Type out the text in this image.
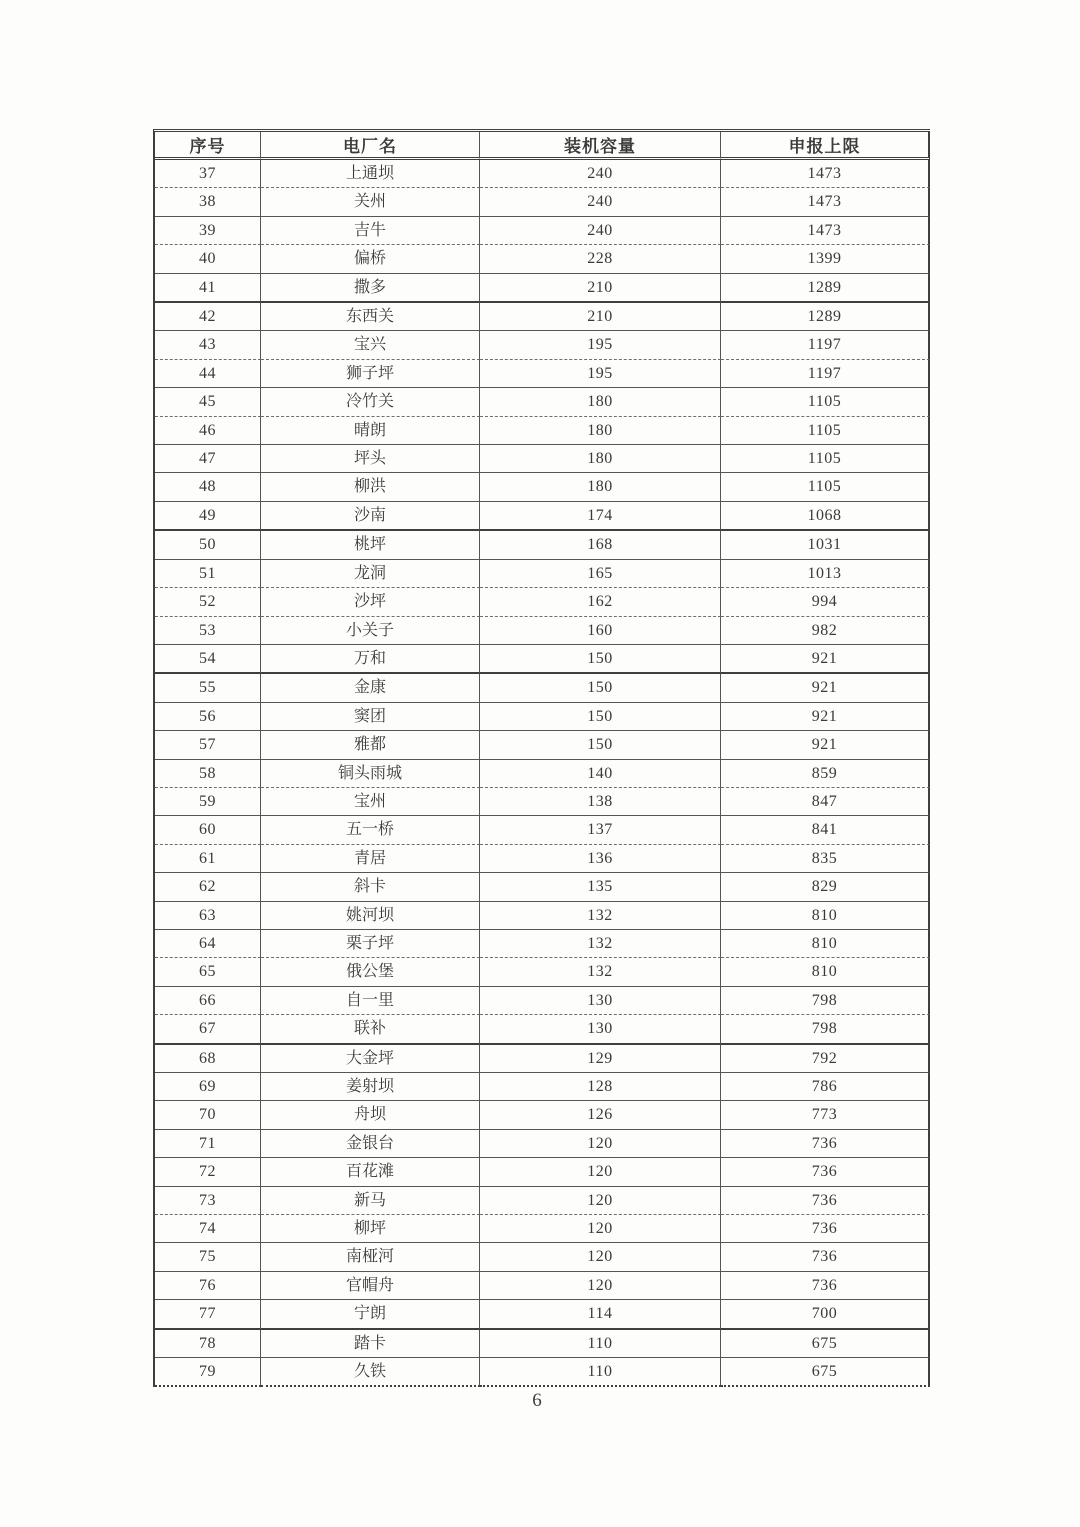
序号	电厂名	装机容量	申报上限
37	上通坝	240	1473
38	关州	240	1473
39	吉牛	240	1473
40	偏桥	228	1399
41	撒多	210	1289
42	东西关	210	1289
43	宝兴	195	1197
44	狮子坪	195	1197
45	冷竹关	180	1105
46	晴朗	180	1105
47	坪头	180	1105
48	柳洪	180	1105
49	沙南	174	1068
50	桃坪	168	1031
51	龙洞	165	1013
52	沙坪	162	994
53	小关子	160	982
54	万和	150	921
55	金康	150	921
56	窦团	150	921
57	雅都	150	921
58	铜头雨城	140	859
59	宝州	138	847
60	五一桥	137	841
61	青居	136	835
62	斜卡	135	829
63	姚河坝	132	810
64	栗子坪	132	810
65	俄公堡	132	810
66	自一里	130	798
67	联补	130	798
68	大金坪	129	792
69	姜射坝	128	786
70	舟坝	126	773
71	金银台	120	736
72	百花滩	120	736
73	新马	120	736
74	柳坪	120	736
75	南桠河	120	736
76	官帽舟	120	736
77	宁朗	114	700
78	踏卡	110	675
79	久铁	110	675
6
